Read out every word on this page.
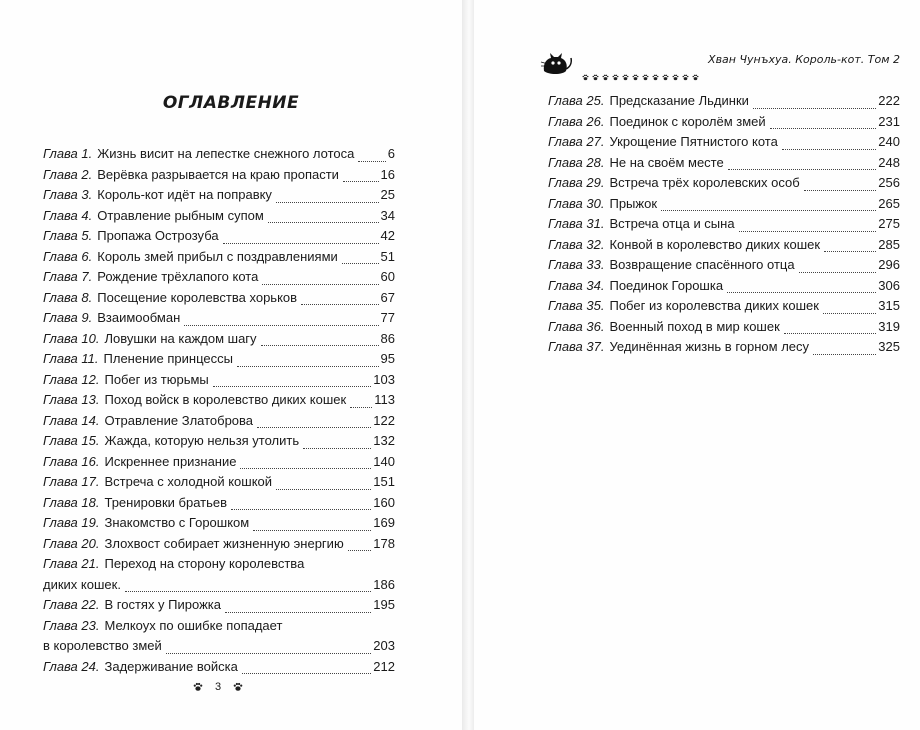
ОГЛАВЛЕНИЕ
Глава 1. Жизнь висит на лепестке снежного лотоса	6
Глава 2. Верёвка разрывается на краю пропасти	16
Глава 3. Король-кот идёт на поправку	25
Глава 4. Отравление рыбным супом	34
Глава 5. Пропажа Острозуба	42
Глава 6. Король змей прибыл с поздравлениями	51
Глава 7. Рождение трёхлапого кота	60
Глава 8. Посещение королевства хорьков	67
Глава 9. Взаимообман	77
Глава 10. Ловушки на каждом шагу	86
Глава 11. Пленение принцессы	95
Глава 12. Побег из тюрьмы	103
Глава 13. Поход войск в королевство диких кошек 113
Глава 14. Отравление Златоброва	122
Глава 15. Жажда, которую нельзя утолить	132
Глава 16. Искреннее признание	140
Глава 17. Встреча с холодной кошкой	151
Глава 18. Тренировки братьев	160
Глава 19. Знакомство с Горошком	169
Глава 20. Злохвост собирает жизненную энергию 178
Глава 21. Переход на сторону королевства
диких кошек.	186
Глава 22. В гостях у Пирожка	195
Глава 23. Мелкоух по ошибке попадает
в королевство змей	203
Глава 24. Задерживание войска	212
3
Хван Чунъхуа. Король-кот. Том 2
Глава 25. Предсказание Льдинки	222
Глава 26. Поединок с королём змей	231
Глава 27. Укрощение Пятнистого кота	240
Глава 28. Не на своём месте	248
Глава 29. Встреча трёх королевских особ	256
Глава 30. Прыжок	265
Глава 31. Встреча отца и сына	275
Глава 32. Конвой в королевство диких кошек	285
Глава 33. Возвращение спасённого отца	296
Глава 34. Поединок Горошка	306
Глава 35. Побег из королевства диких кошек	315
Глава 36. Военный поход в мир кошек	319
Глава 37. Уединённая жизнь в горном лесу	325
